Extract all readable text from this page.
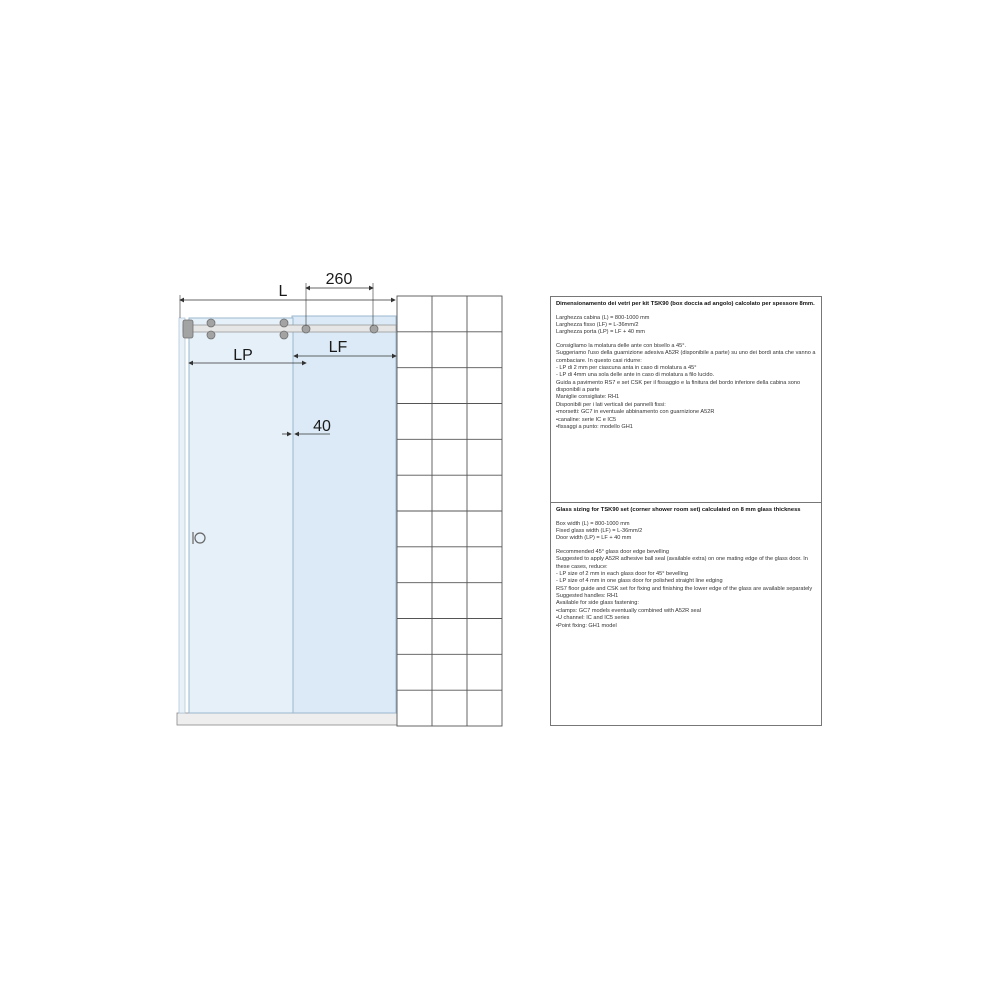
L
260
LP	LF
40
Dimensionamento dei vetri per kit TSK90 (box doccia ad angolo) calcolato per spessore 8mm.
Larghezza cabina (L) = 800-1000 mm
Larghezza fisso (LF) = L-36mm/2
Larghezza porta (LP) = LF + 40 mm
Consigliamo la molatura delle ante con bisello a 45°.
Suggeriamo l'uso della guarnizione adesiva A52R (disponibile a parte) su uno dei bordi anta che vanno a combaciare. In questo casi ridurre:
- LP di 2 mm per ciascuna anta in caso di molatura a 45°
- LP di 4mm una sola delle ante in caso di molatura a filo lucido.
Guida a pavimento RS7 e set CSK per il fissaggio e la finitura del bordo inferiore della cabina sono disponibili a parte
Maniglie consigliate: RH1
Disponibili per i lati verticali dei pannelli fissi:
•morsetti: GC7 in eventuale abbinamento con guarnizione A52R
•canaline: serie IC e IC5
•fissaggi a punto: modello GH1
Glass sizing for TSK90 set (corner shower room set) calculated on 8 mm glass thickness
Box width (L) = 800-1000 mm
Fixed glass width (LF) = L-36mm/2
Door width (LP) = LF + 40 mm
Recommended 45° glass door edge bevelling
Suggested to apply A52R adhesive ball seal (available extra) on one mating edge of the glass door. In these cases, reduce:
- LP size of 2 mm in each glass door for 45° bevelling
- LP size of 4 mm in one glass door for polished straight line edging
RS7 floor guide and CSK set for fixing and finishing the lower edge of the glass are available separately
Suggested handles: RH1
Available for side glass fastening:
•clamps: GC7 models eventually combined with A52R seal
•U channel: IC and IC5 series
•Point fixing: GH1 model
